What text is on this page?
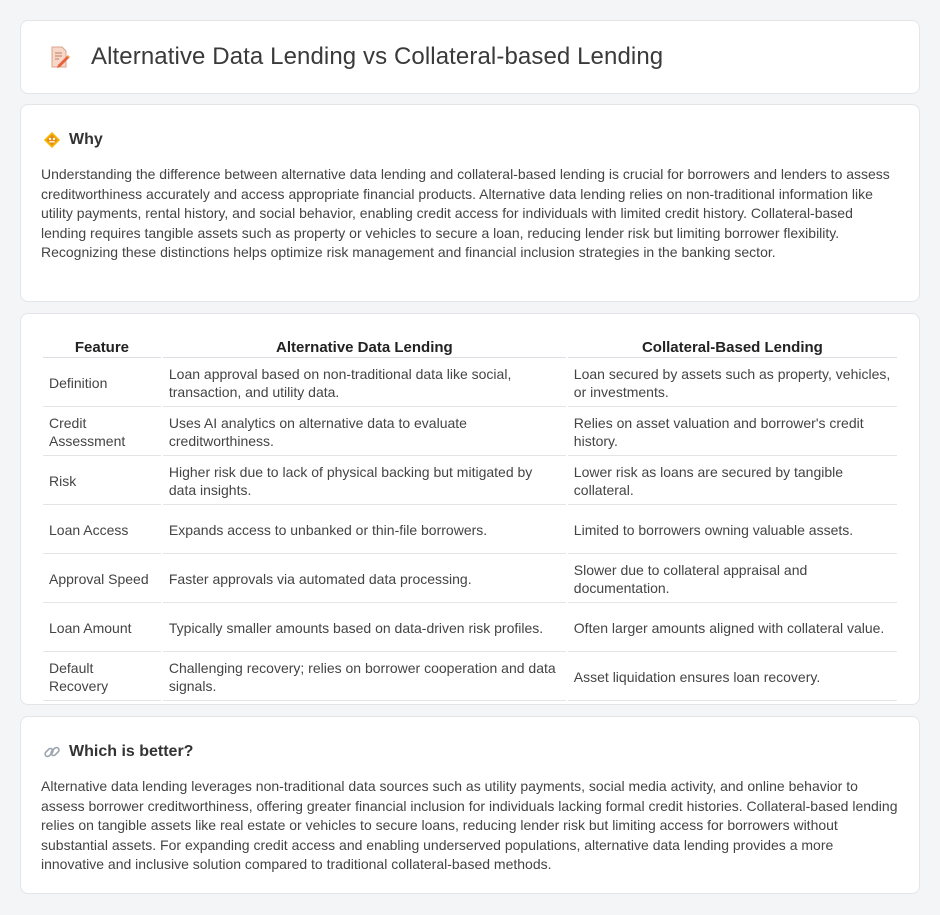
Alternative Data Lending vs Collateral-based Lending
Why

Understanding the difference between alternative data lending and collateral-based lending is crucial for borrowers and lenders to assess creditworthiness accurately and access appropriate financial products. Alternative data lending relies on non-traditional information like utility payments, rental history, and social behavior, enabling credit access for individuals with limited credit history. Collateral-based lending requires tangible assets such as property or vehicles to secure a loan, reducing lender risk but limiting borrower flexibility. Recognizing these distinctions helps optimize risk management and financial inclusion strategies in the banking sector.

Feature	Alternative Data Lending	Collateral-Based Lending
Definition	Loan approval based on non-traditional data like social, transaction, and utility data.	Loan secured by assets such as property, vehicles, or investments.
Credit Assessment	Uses AI analytics on alternative data to evaluate creditworthiness.	Relies on asset valuation and borrower's credit history.
Risk	Higher risk due to lack of physical backing but mitigated by data insights.	Lower risk as loans are secured by tangible collateral.
Loan Access	Expands access to unbanked or thin-file borrowers.	Limited to borrowers owning valuable assets.
Approval Speed	Faster approvals via automated data processing.	Slower due to collateral appraisal and documentation.
Loan Amount	Typically smaller amounts based on data-driven risk profiles.	Often larger amounts aligned with collateral value.
Default Recovery	Challenging recovery; relies on borrower cooperation and data signals.	Asset liquidation ensures loan recovery.
Which is better?

Alternative data lending leverages non-traditional data sources such as utility payments, social media activity, and online behavior to assess borrower creditworthiness, offering greater financial inclusion for individuals lacking formal credit histories. Collateral-based lending relies on tangible assets like real estate or vehicles to secure loans, reducing lender risk but limiting access for borrowers without substantial assets. For expanding credit access and enabling underserved populations, alternative data lending provides a more innovative and inclusive solution compared to traditional collateral-based methods.
